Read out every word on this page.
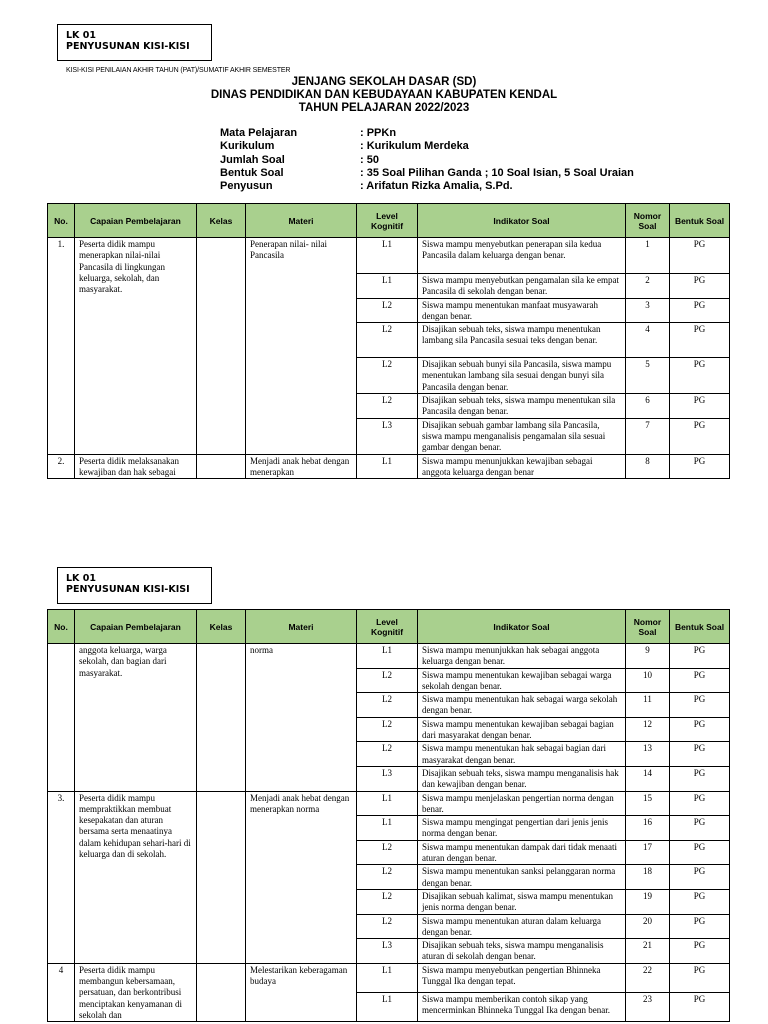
LK 01
PENYUSUNAN KISI-KISI
KISI-KISI PENILAIAN AKHIR TAHUN (PAT)/SUMATIF AKHIR SEMESTER
JENJANG SEKOLAH DASAR (SD)
DINAS PENDIDIKAN DAN KEBUDAYAAN KABUPATEN KENDAL
TAHUN PELAJARAN 2022/2023
Mata Pelajaran	: PPKn
Kurikulum	: Kurikulum Merdeka
Jumlah Soal	: 50
Bentuk Soal	: 35 Soal Pilihan Ganda ; 10 Soal Isian, 5 Soal Uraian
Penyusun	: Arifatun Rizka Amalia, S.Pd.
No.	Capaian Pembelajaran	Kelas	Materi	Level Kognitif	Indikator Soal	Nomor Soal	Bentuk Soal
1.	Peserta didik mampu menerapkan nilai-nilai Pancasila di lingkungan keluarga, sekolah, dan masyarakat.		Penerapan nilai- nilai Pancasila	L1	Siswa mampu menyebutkan penerapan sila kedua Pancasila dalam keluarga dengan benar.	1	PG
				L1	Siswa mampu menyebutkan pengamalan sila ke empat Pancasila di sekolah dengan benar.	2	PG
				L2	Siswa mampu menentukan manfaat musyawarah dengan benar.	3	PG
				L2	Disajikan sebuah teks, siswa mampu menentukan lambang sila Pancasila sesuai teks dengan benar.	4	PG
				L2	Disajikan sebuah bunyi sila Pancasila, siswa mampu menentukan lambang sila sesuai dengan bunyi sila Pancasila dengan benar.	5	PG
				L2	Disajikan sebuah teks, siswa mampu menentukan sila Pancasila dengan benar.	6	PG
				L3	Disajikan sebuah gambar lambang sila Pancasila, siswa mampu menganalisis pengamalan sila sesuai gambar dengan benar.	7	PG
2.	Peserta didik melaksanakan kewajiban dan hak sebagai		Menjadi anak hebat dengan menerapkan	L1	Siswa mampu menunjukkan kewajiban sebagai anggota keluarga dengan benar	8	PG
LK 01
PENYUSUNAN KISI-KISI
No.	Capaian Pembelajaran	Kelas	Materi	Level Kognitif	Indikator Soal	Nomor Soal	Bentuk Soal
	anggota keluarga, warga sekolah, dan bagian dari masyarakat.		norma	L1	Siswa mampu menunjukkan hak sebagai anggota keluarga dengan benar.	9	PG
				L2	Siswa mampu menentukan kewajiban sebagai warga sekolah dengan benar.	10	PG
				L2	Siswa mampu menentukan hak sebagai warga sekolah dengan benar.	11	PG
				L2	Siswa mampu menentukan kewajiban sebagai bagian dari masyarakat dengan benar.	12	PG
				L2	Siswa mampu menentukan hak sebagai bagian dari masyarakat dengan benar.	13	PG
				L3	Disajikan sebuah teks, siswa mampu menganalisis hak dan kewajiban dengan benar.	14	PG
3.	Peserta didik mampu mempraktikkan membuat kesepakatan dan aturan bersama serta menaatinya dalam kehidupan sehari-hari di keluarga dan di sekolah.		Menjadi anak hebat dengan menerapkan norma	L1	Siswa mampu menjelaskan pengertian norma dengan benar.	15	PG
				L1	Siswa mampu mengingat pengertian dari jenis jenis norma dengan benar.	16	PG
				L2	Siswa mampu menentukan dampak dari tidak menaati aturan dengan benar.	17	PG
				L2	Siswa mampu menentukan sanksi pelanggaran norma dengan benar.	18	PG
				L2	Disajikan sebuah kalimat, siswa mampu menentukan jenis norma dengan benar.	19	PG
				L2	Siswa mampu menentukan aturan dalam keluarga dengan benar.	20	PG
				L3	Disajikan sebuah teks, siswa mampu menganalisis aturan di sekolah dengan benar.	21	PG
4	Peserta didik mampu membangun kebersamaan, persatuan, dan berkontribusi menciptakan kenyamanan di sekolah dan		Melestarikan keberagaman budaya	L1	Siswa mampu menyebutkan pengertian Bhinneka Tunggal Ika dengan tepat.	22	PG
				L1	Siswa mampu memberikan contoh sikap yang mencerminkan Bhinneka Tunggal Ika dengan benar.	23	PG
